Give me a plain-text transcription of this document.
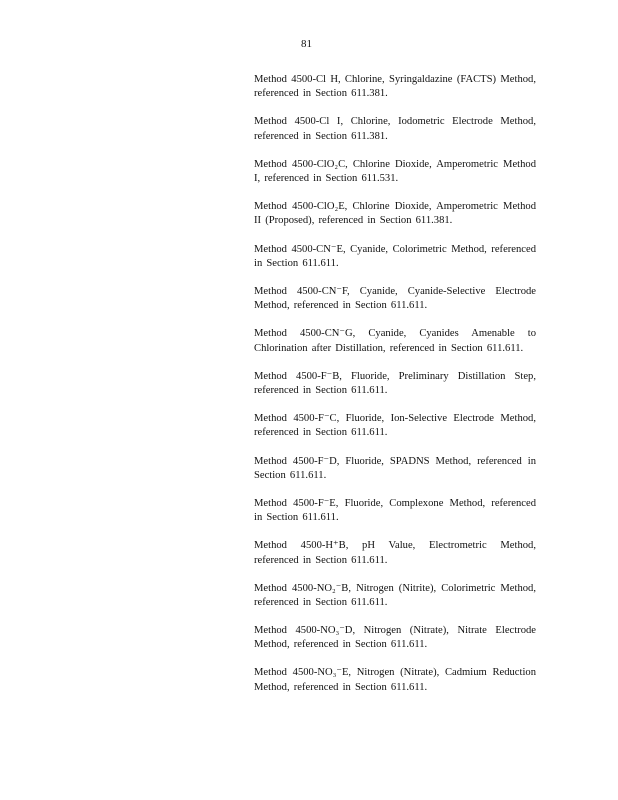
81
Method 4500-Cl H, Chlorine, Syringaldazine (FACTS) Method, referenced in Section 611.381.
Method 4500-Cl I, Chlorine, Iodometric Electrode Method, referenced in Section 611.381.
Method 4500-ClO₂C, Chlorine Dioxide, Amperometric Method I, referenced in Section 611.531.
Method 4500-ClO₂E, Chlorine Dioxide, Amperometric Method II (Proposed), referenced in Section 611.381.
Method 4500-CN⁻E, Cyanide, Colorimetric Method, referenced in Section 611.611.
Method 4500-CN⁻F, Cyanide, Cyanide-Selective Electrode Method, referenced in Section 611.611.
Method 4500-CN⁻G, Cyanide, Cyanides Amenable to Chlorination after Distillation, referenced in Section 611.611.
Method 4500-F⁻B, Fluoride, Preliminary Distillation Step, referenced in Section 611.611.
Method 4500-F⁻C, Fluoride, Ion-Selective Electrode Method, referenced in Section 611.611.
Method 4500-F⁻D, Fluoride, SPADNS Method, referenced in Section 611.611.
Method 4500-F⁻E, Fluoride, Complexone Method, referenced in Section 611.611.
Method 4500-H⁺B, pH Value, Electrometric Method, referenced in Section 611.611.
Method 4500-NO₂⁻B, Nitrogen (Nitrite), Colorimetric Method, referenced in Section 611.611.
Method 4500-NO₃⁻D, Nitrogen (Nitrate), Nitrate Electrode Method, referenced in Section 611.611.
Method 4500-NO₃⁻E, Nitrogen (Nitrate), Cadmium Reduction Method, referenced in Section 611.611.
